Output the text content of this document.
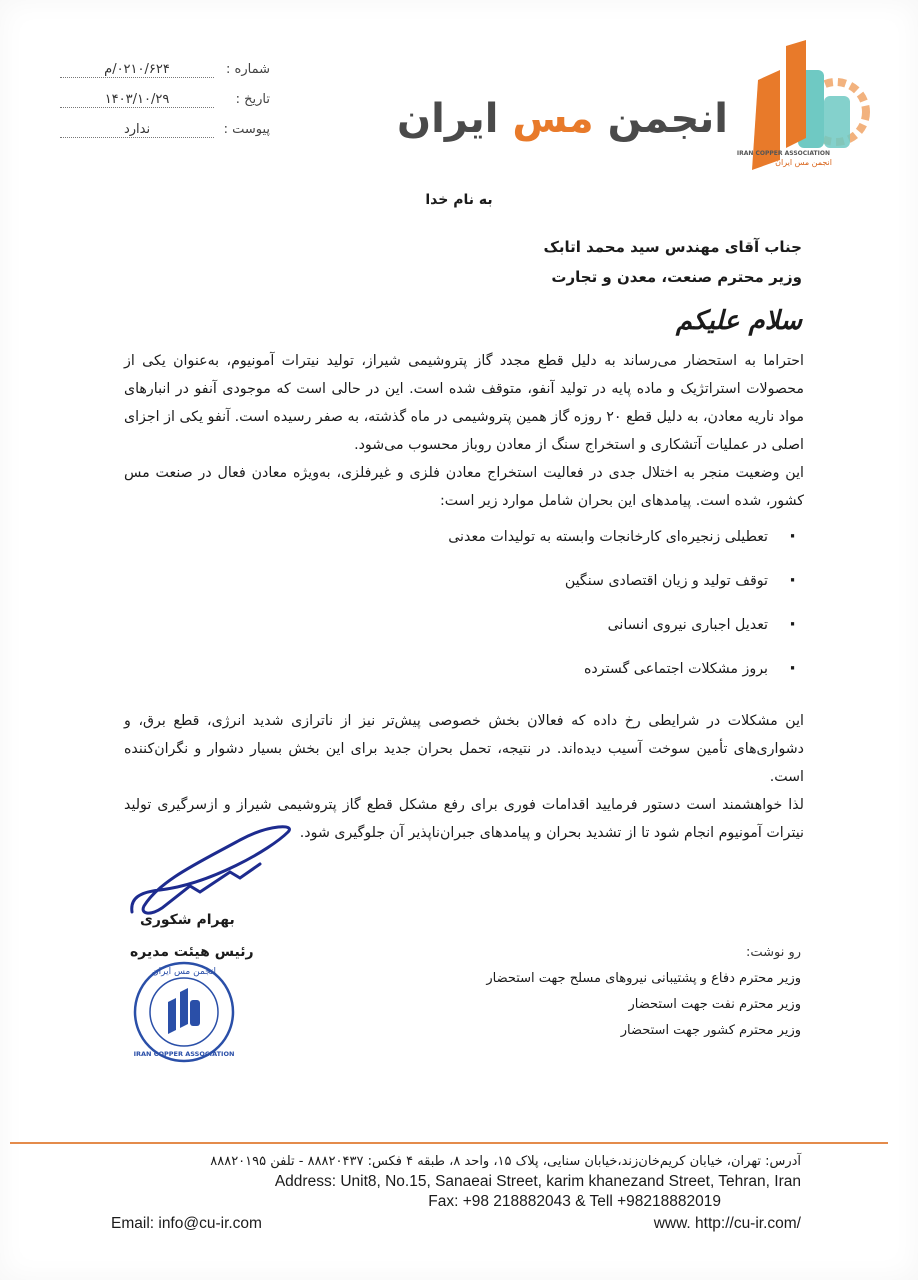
شماره :
۰۲۱۰/۶۲۴/م
تاریخ :
۱۴۰۳/۱۰/۲۹
پیوست :
ندارد	انجمن مس ایران
IRAN COPPER ASSOCIATION
انجمن مس ایران
به نام خدا
جناب آقای مهندس سید محمد اتابک
وزیر محترم صنعت، معدن و تجارت
سلام علیکم

احتراما به استحضار می‌رساند به دلیل قطع مجدد گاز پتروشیمی شیراز، تولید نیترات آمونیوم، به‌عنوان یکی از محصولات استراتژیک و ماده پایه در تولید آنفو، متوقف شده است. این در حالی است که موجودی آنفو در انبارهای مواد ناریه معادن، به دلیل قطع ۲۰ روزه گاز همین پتروشیمی در ماه گذشته، به صفر رسیده است. آنفو یکی از اجزای اصلی در عملیات آتشکاری و استخراج سنگ از معادن روباز محسوب می‌شود.

این وضعیت منجر به اختلال جدی در فعالیت استخراج معادن فلزی و غیرفلزی، به‌ویژه معادن فعال در صنعت مس کشور، شده است. پیامدهای این بحران شامل موارد زیر است:

· تعطیلی زنجیره‌ای کارخانجات وابسته به تولیدات معدنی
· توقف تولید و زیان اقتصادی سنگین
· تعدیل اجباری نیروی انسانی
· بروز مشکلات اجتماعی گسترده

این مشکلات در شرایطی رخ داده که فعالان بخش خصوصی پیش‌تر نیز از ناترازی شدید انرژی، قطع برق، و دشواری‌های تأمین سوخت آسیب دیده‌اند. در نتیجه، تحمل بحران جدید برای این بخش بسیار دشوار و نگران‌کننده است.

لذا خواهشمند است دستور فرمایید اقدامات فوری برای رفع مشکل قطع گاز پتروشیمی شیراز و ازسرگیری تولید نیترات آمونیوم انجام شود تا از تشدید بحران و پیامدهای جبران‌ناپذیر آن جلوگیری شود.

بهرام شکوری
رئیس هیئت مدیره
انجمن مس ایران
IRAN COPPER ASSOCIATION
رو نوشت:
وزیر محترم دفاع و پشتیبانی نیروهای مسلح جهت استحضار
وزیر محترم نفت جهت استحضار
وزیر محترم کشور جهت استحضار
آدرس: تهران، خیابان کریم‌خان‌زند،خیابان سنایی، پلاک ۱۵، واحد ۸، طبقه ۴ فکس: ۸۸۸۲۰۴۳۷ - تلفن ۸۸۸۲۰۱۹۵
Address: Unit8, No.15, Sanaeai Street, karim khanezand Street, Tehran, Iran
Fax: +98 218882043 & Tell +98218882019
Email: info@cu-ir.com	www. http://cu-ir.com/
